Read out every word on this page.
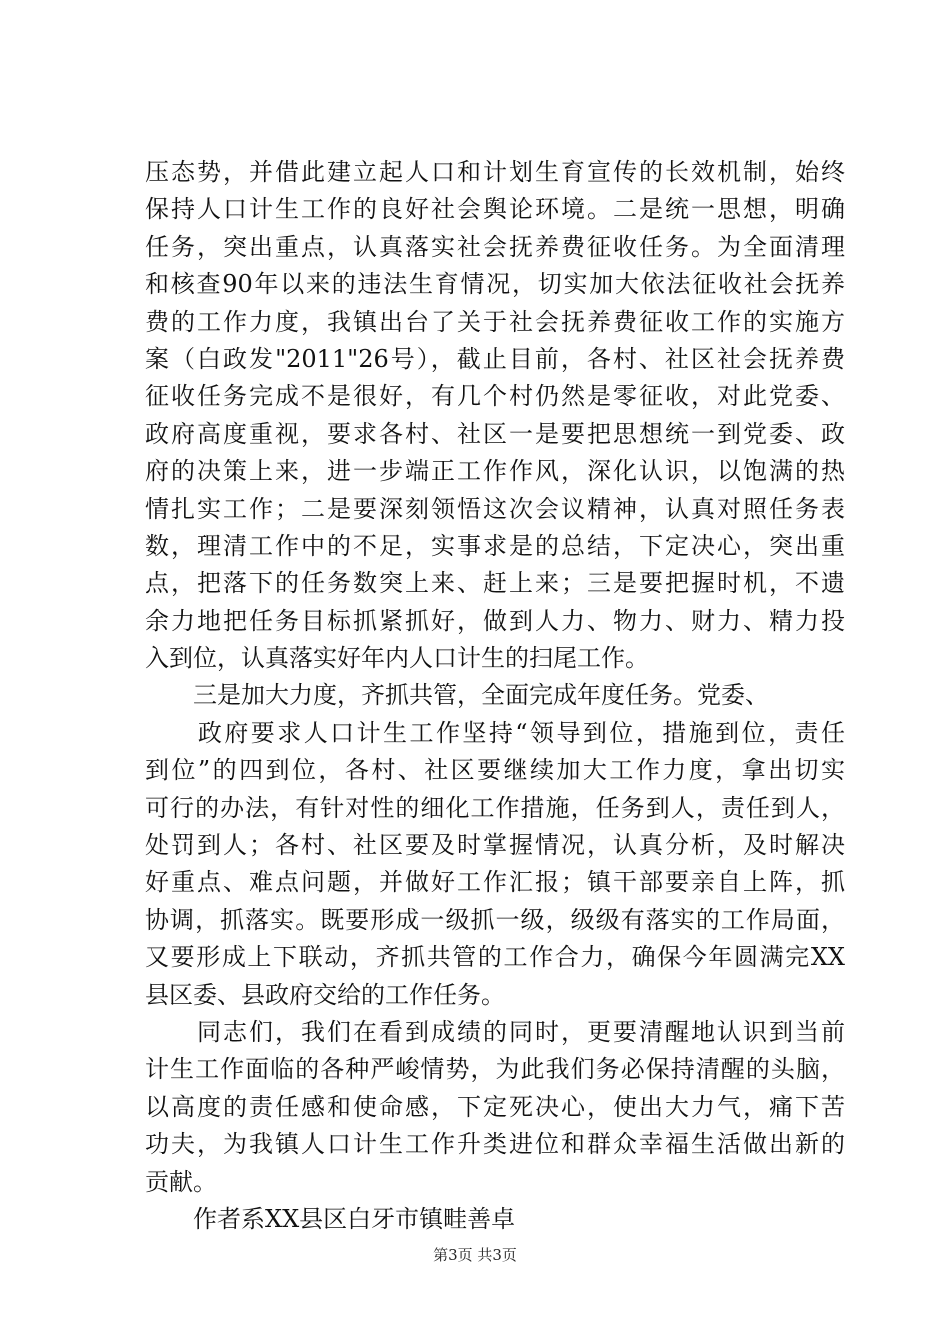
压态势，并借此建立起人口和计划生育宣传的长效机制，始终
保持人口计生工作的良好社会舆论环境。二是统一思想，明确
任务，突出重点，认真落实社会抚养费征收任务。为全面清理
和核查90年以来的违法生育情况，切实加大依法征收社会抚养
费的工作力度，我镇出台了关于社会抚养费征收工作的实施方
案（白政发"2011"26号），截止目前，各村、社区社会抚养费
征收任务完成不是很好，有几个村仍然是零征收，对此党委、
政府高度重视，要求各村、社区一是要把思想统一到党委、政
府的决策上来，进一步端正工作作风，深化认识，以饱满的热
情扎实工作；二是要深刻领悟这次会议精神，认真对照任务表
数，理清工作中的不足，实事求是的总结，下定决心，突出重
点，把落下的任务数突上来、赶上来；三是要把握时机，不遗
余力地把任务目标抓紧抓好，做到人力、物力、财力、精力投
入到位，认真落实好年内人口计生的扫尾工作。
　　三是加大力度，齐抓共管，全面完成年度任务。党委、
　　政府要求人口计生工作坚持“领导到位，措施到位，责任
到位”的四到位，各村、社区要继续加大工作力度，拿出切实
可行的办法，有针对性的细化工作措施，任务到人，责任到人，
处罚到人；各村、社区要及时掌握情况，认真分析，及时解决
好重点、难点问题，并做好工作汇报；镇干部要亲自上阵，抓
协调，抓落实。既要形成一级抓一级，级级有落实的工作局面，
又要形成上下联动，齐抓共管的工作合力，确保今年圆满完XX
县区委、县政府交给的工作任务。
　　同志们，我们在看到成绩的同时，更要清醒地认识到当前
计生工作面临的各种严峻情势，为此我们务必保持清醒的头脑，
以高度的责任感和使命感，下定死决心，使出大力气，痛下苦
功夫，为我镇人口计生工作升类进位和群众幸福生活做出新的
贡献。
　　作者系XX县区白牙市镇畦善卓
第3页 共3页
